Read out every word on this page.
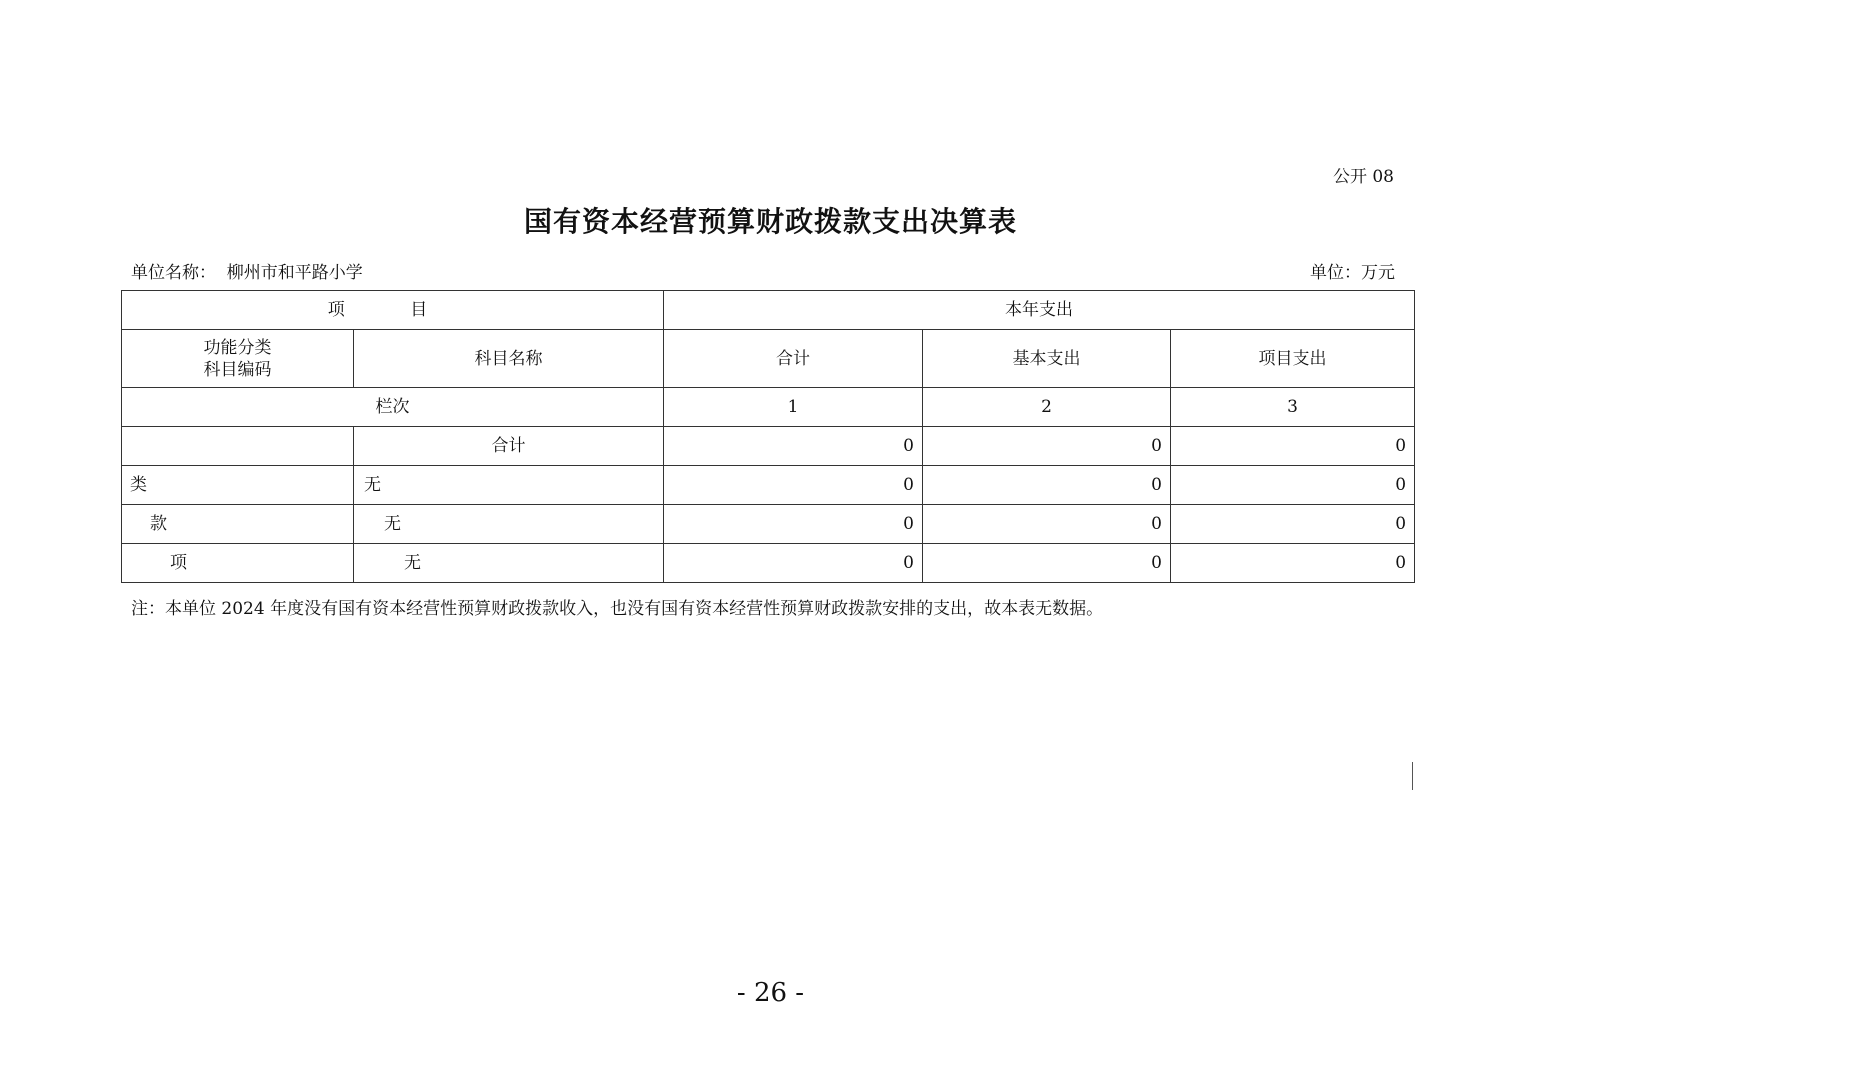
公开 08
国有资本经营预算财政拨款支出决算表
单位名称：  柳州市和平路小学	单位：万元
项 目		本年支出		

功能分类
科目编码	科目名称	合计	基本支出	项目支出
栏次		1	2	3
	合计	0	0	0
类	无	0	0	0
款	无	0	0	0
项	无	0	0	0
注：本单位 2024 年度没有国有资本经营性预算财政拨款收入，也没有国有资本经营性预算财政拨款安排的支出，故本表无数据。
- 26 -
